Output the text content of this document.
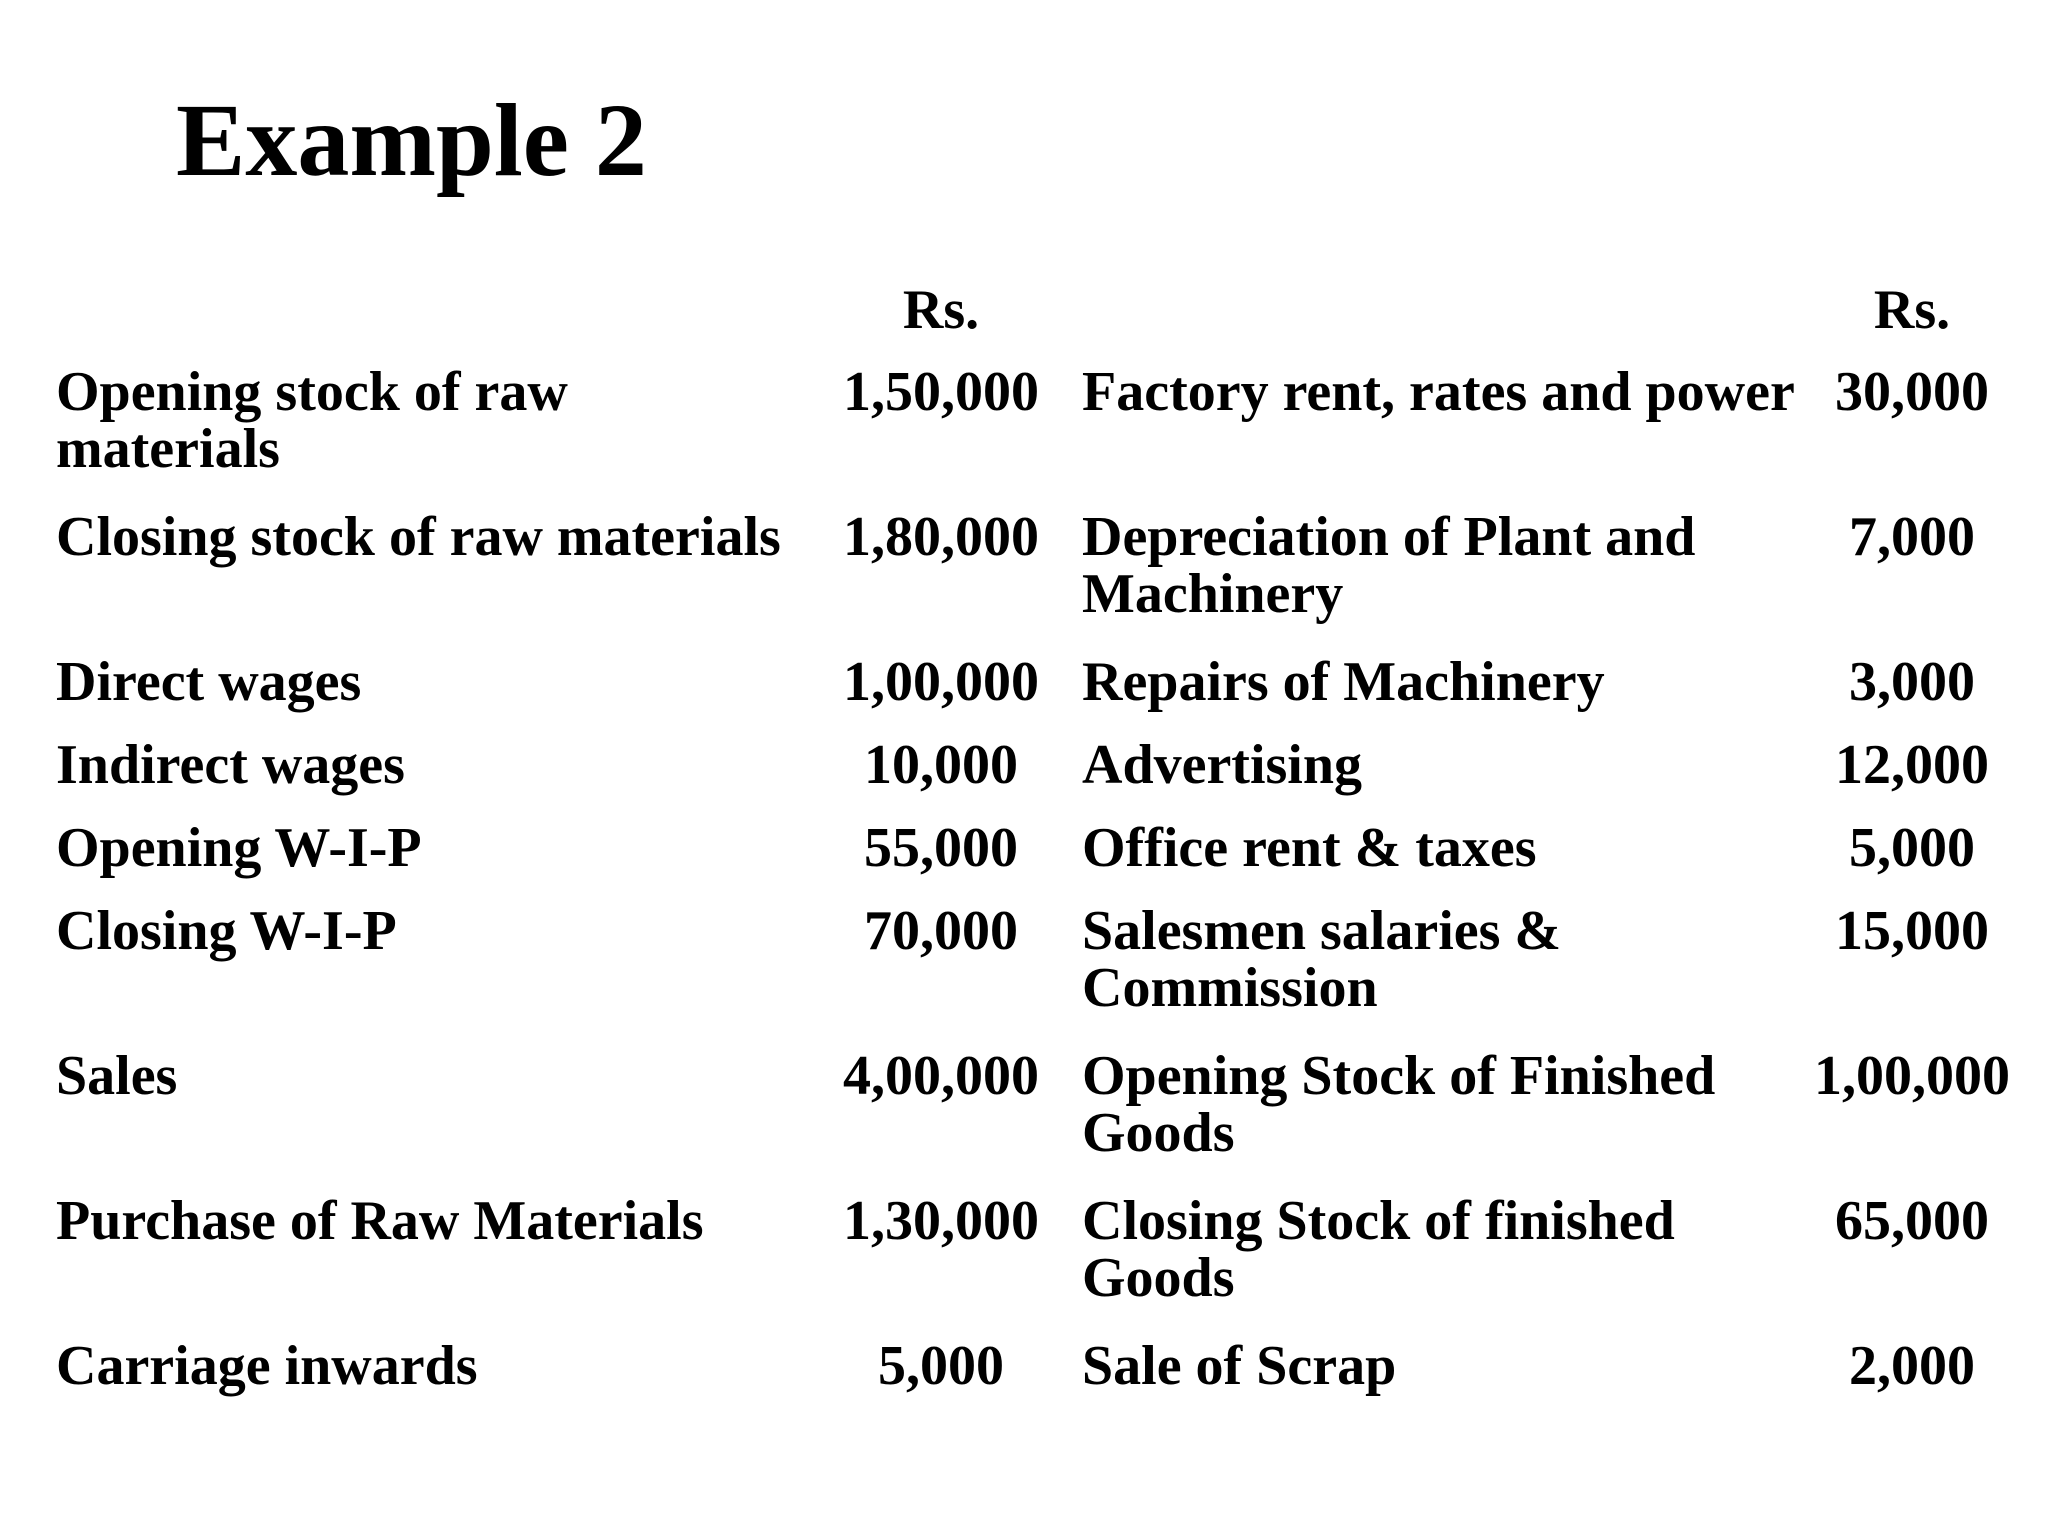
Example 2
	Rs.		Rs.
Opening stock of raw materials	1,50,000	Factory rent, rates and power	30,000
Closing stock of raw materials	1,80,000	Depreciation of Plant and Machinery	7,000
Direct wages	1,00,000	Repairs of Machinery	3,000
Indirect wages	10,000	Advertising	12,000
Opening W-I-P	55,000	Office rent & taxes	5,000
Closing W-I-P	70,000	Salesmen salaries & Commission	15,000
Sales	4,00,000	Opening Stock of Finished Goods	1,00,000
Purchase of Raw Materials	1,30,000	Closing Stock of finished Goods	65,000
Carriage inwards	5,000	Sale of Scrap	2,000
